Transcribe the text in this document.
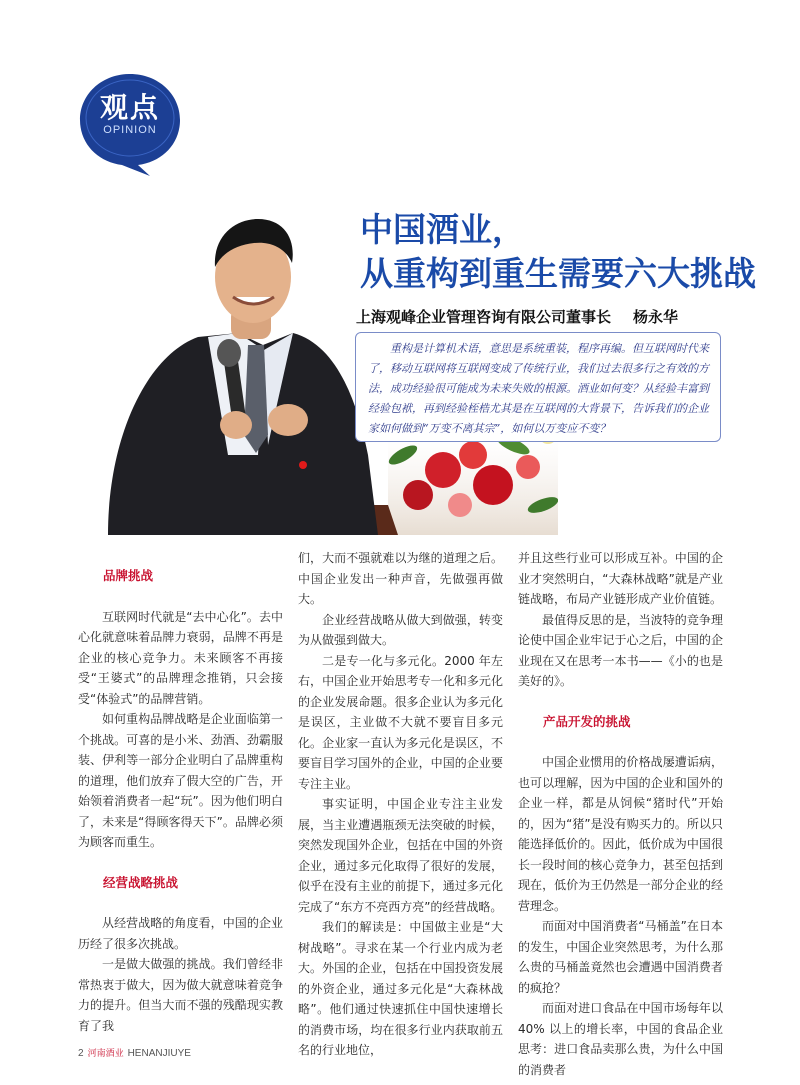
观点
OPINION
中国酒业，
从重构到重生需要六大挑战
上海观峰企业管理咨询有限公司董事长 杨永华
重构是计算机术语，意思是系统重装，程序再编。但互联网时代来了，移动互联网将互联网变成了传统行业，我们过去很多行之有效的方法，成功经验很可能成为未来失败的根源。酒业如何变？从经验丰富到经验包袱，再到经验桎梏尤其是在互联网的大背景下，告诉我们的企业家如何做到“万变不离其宗”，如何以万变应不变？

品牌挑战

互联网时代就是“去中心化”。去中心化就意味着品牌力衰弱，品牌不再是企业的核心竞争力。未来顾客不再接受“王婆式”的品牌理念推销，只会接受“体验式”的品牌营销。

如何重构品牌战略是企业面临第一个挑战。可喜的是小米、劲酒、劲霸服装、伊利等一部分企业明白了品牌重构的道理，他们放弃了假大空的广告，开始领着消费者一起“玩”。因为他们明白了，未来是“得顾客得天下”。品牌必须为顾客而重生。

经营战略挑战

从经营战略的角度看，中国的企业历经了很多次挑战。

一是做大做强的挑战。我们曾经非常热衷于做大，因为做大就意味着竞争力的提升。但当大而不强的残酷现实教育了我

们，大而不强就难以为继的道理之后。中国企业发出一种声音，先做强再做大。

企业经营战略从做大到做强，转变为从做强到做大。

二是专一化与多元化。2000 年左右，中国企业开始思考专一化和多元化的企业发展命题。很多企业认为多元化是误区，主业做不大就不要盲目多元化。企业家一直认为多元化是误区，不要盲目学习国外的企业，中国的企业要专注主业。

事实证明，中国企业专注主业发展，当主业遭遇瓶颈无法突破的时候，突然发现国外企业，包括在中国的外资企业，通过多元化取得了很好的发展，似乎在没有主业的前提下，通过多元化完成了“东方不亮西方亮”的经营战略。

我们的解读是：中国做主业是“大树战略”。寻求在某一个行业内成为老大。外国的企业，包括在中国投资发展的外资企业，通过多元化是“大森林战略”。他们通过快速抓住中国快速增长的消费市场，均在很多行业内获取前五名的行业地位，

并且这些行业可以形成互补。中国的企业才突然明白，“大森林战略”就是产业链战略，布局产业链形成产业价值链。

最值得反思的是，当波特的竞争理论使中国企业牢记于心之后，中国的企业现在又在思考一本书——《小的也是美好的》。

产品开发的挑战

中国企业惯用的价格战屡遭诟病，也可以理解，因为中国的企业和国外的企业一样，都是从饲候“猪时代”开始的，因为“猪”是没有购买力的。所以只能选择低价的。因此，低价成为中国很长一段时间的核心竞争力，甚至包括到现在，低价为王仍然是一部分企业的经营理念。

而面对中国消费者“马桶盖”在日本的发生，中国企业突然思考，为什么那么贵的马桶盖竟然也会遭遇中国消费者的疯抢？

而面对进口食品在中国市场每年以 40% 以上的增长率，中国的食品企业思考：进口食品卖那么贵，为什么中国的消费者

2 河南酒业 HENANJIUYE
